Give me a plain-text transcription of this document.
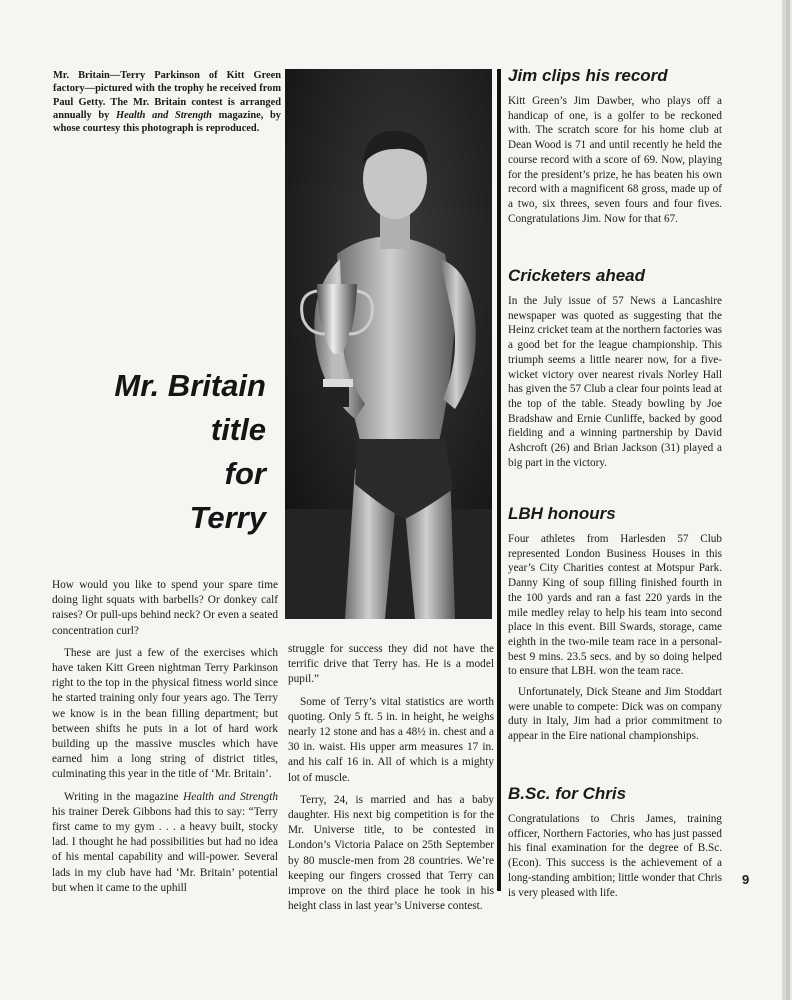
Mr. Britain—Terry Parkinson of Kitt Green factory—pictured with the trophy he received from Paul Getty. The Mr. Britain contest is arranged annually by Health and Strength magazine, by whose courtesy this photograph is reproduced.
Mr. Britain
title
for
Terry

How would you like to spend your spare time doing light squats with barbells? Or donkey calf raises? Or pull-ups behind neck? Or even a seated concentration curl?

These are just a few of the exercises which have taken Kitt Green nightman Terry Parkinson right to the top in the physical fitness world since he started training only four years ago. The Terry we know is in the bean filling department; but between shifts he puts in a lot of hard work building up the massive muscles which have earned him a long string of district titles, culminating this year in the title of ‘Mr. Britain’.

Writing in the magazine Health and Strength his trainer Derek Gibbons had this to say: “Terry first came to my gym . . . a heavy built, stocky lad. I thought he had possibilities but had no idea of his mental capability and will-power. Several lads in my club have had ‘Mr. Britain’ potential but when it came to the uphill

struggle for success they did not have the terrific drive that Terry has. He is a model pupil.”

Some of Terry’s vital statistics are worth quoting. Only 5 ft. 5 in. in height, he weighs nearly 12 stone and has a 48½ in. chest and a 30 in. waist. His upper arm measures 17 in. and his calf 16 in. All of which is a mighty lot of muscle.

Terry, 24, is married and has a baby daughter. His next big competition is for the Mr. Universe title, to be contested in London’s Victoria Palace on 25th September by 80 muscle-men from 28 countries. We’re keeping our fingers crossed that Terry can improve on the third place he took in his height class in last year’s Universe contest.

Jim clips his record

Kitt Green’s Jim Dawber, who plays off a handicap of one, is a golfer to be reckoned with. The scratch score for his home club at Dean Wood is 71 and until recently he held the course record with a score of 69. Now, playing for the president’s prize, he has beaten his own record with a magnificent 68 gross, made up of a two, six threes, seven fours and four fives. Congratulations Jim. Now for that 67.

Cricketers ahead

In the July issue of 57 News a Lancashire newspaper was quoted as suggesting that the Heinz cricket team at the northern factories was a good bet for the league championship. This triumph seems a little nearer now, for a five-wicket victory over nearest rivals Norley Hall has given the 57 Club a clear four points lead at the top of the table. Steady bowling by Joe Bradshaw and Ernie Cunliffe, backed by good fielding and a winning partnership by David Ashcroft (26) and Brian Jackson (31) played a big part in the victory.

LBH honours

Four athletes from Harlesden 57 Club represented London Business Houses in this year’s City Charities contest at Motspur Park. Danny King of soup filling finished fourth in the 100 yards and ran a fast 220 yards in the mile medley relay to help his team into second place in this event. Bill Swards, storage, came eighth in the two-mile team race in a personal-best 9 mins. 23.5 secs. and by so doing helped to ensure that LBH. won the team race.

Unfortunately, Dick Steane and Jim Stoddart were unable to compete: Dick was on company duty in Italy, Jim had a prior commitment to appear in the Eire national championships.

B.Sc. for Chris

Congratulations to Chris James, training officer, Northern Factories, who has just passed his final examination for the degree of B.Sc. (Econ). This success is the achievement of a long-standing ambition; little wonder that Chris is very pleased with life.

9
